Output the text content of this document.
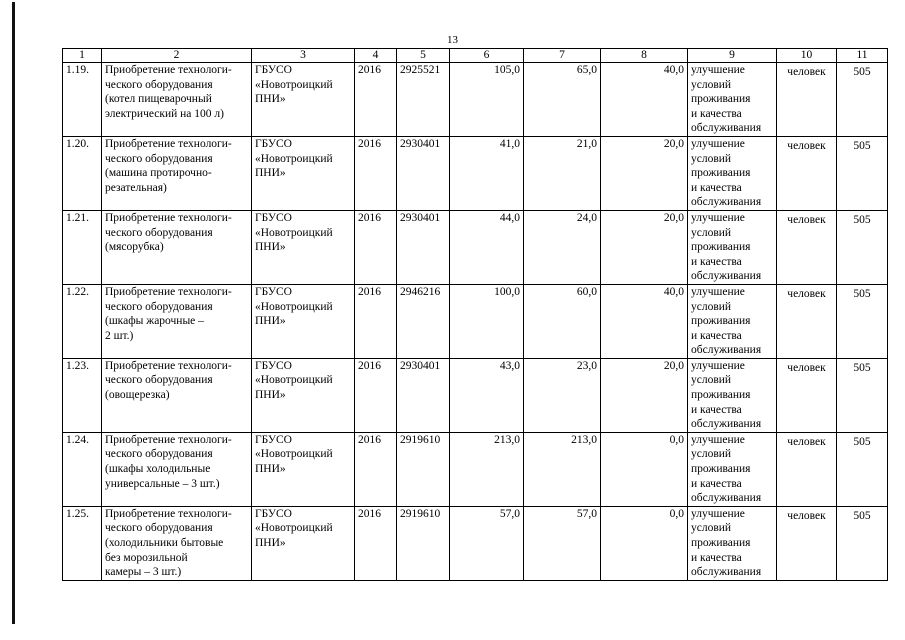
13
1	2	3	4	5	6	7	8	9	10	11
1.19.	Приобретение технологи-
ческого оборудования
(котел пищеварочный
электрический на 100 л)	ГБУСО
«Новотроицкий
ПНИ»	2016	2925521	105,0	65,0	40,0	улучшение
условий
проживания
и качества
обслуживания	человек	505
1.20.	Приобретение технологи-
ческого оборудования
(машина протирочно-
резательная)	ГБУСО
«Новотроицкий
ПНИ»	2016	2930401	41,0	21,0	20,0	улучшение
условий
проживания
и качества
обслуживания	человек	505
1.21.	Приобретение технологи-
ческого оборудования
(мясорубка)	ГБУСО
«Новотроицкий
ПНИ»	2016	2930401	44,0	24,0	20,0	улучшение
условий
проживания
и качества
обслуживания	человек	505
1.22.	Приобретение технологи-
ческого оборудования
(шкафы жарочные –
2 шт.)	ГБУСО
«Новотроицкий
ПНИ»	2016	2946216	100,0	60,0	40,0	улучшение
условий
проживания
и качества
обслуживания	человек	505
1.23.	Приобретение технологи-
ческого оборудования
(овощерезка)	ГБУСО
«Новотроицкий
ПНИ»	2016	2930401	43,0	23,0	20,0	улучшение
условий
проживания
и качества
обслуживания	человек	505
1.24.	Приобретение технологи-
ческого оборудования
(шкафы холодильные
универсальные – 3 шт.)	ГБУСО
«Новотроицкий
ПНИ»	2016	2919610	213,0	213,0	0,0	улучшение
условий
проживания
и качества
обслуживания	человек	505
1.25.	Приобретение технологи-
ческого оборудования
(холодильники бытовые
без морозильной
камеры – 3 шт.)	ГБУСО
«Новотроицкий
ПНИ»	2016	2919610	57,0	57,0	0,0	улучшение
условий
проживания
и качества
обслуживания	человек	505
